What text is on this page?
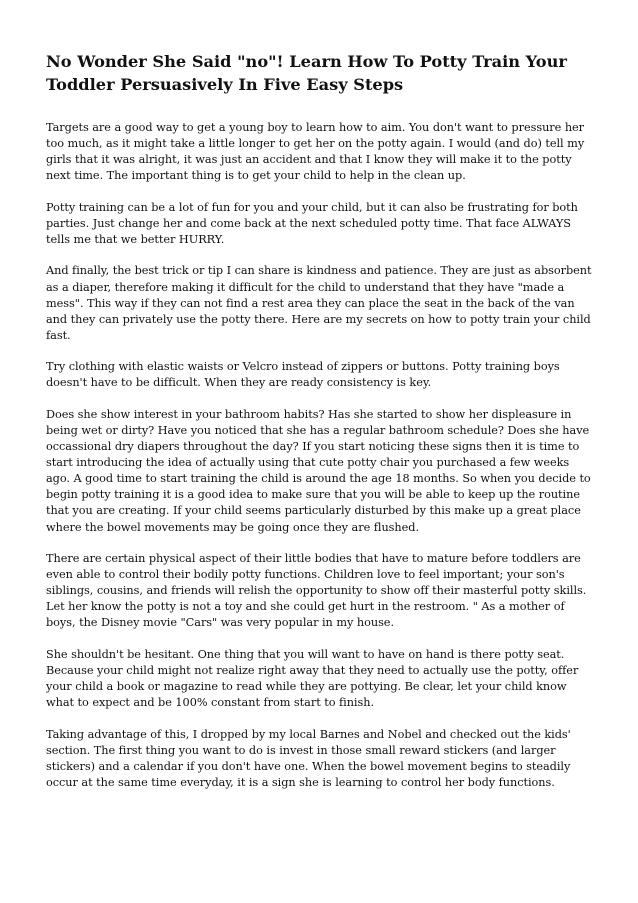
No Wonder She Said "no"! Learn How To Potty Train Your Toddler Persuasively In Five Easy Steps

Targets are a good way to get a young boy to learn how to aim. You don't want to pressure her too much, as it might take a little longer to get her on the potty again. I would (and do) tell my girls that it was alright, it was just an accident and that I know they will make it to the potty next time. The important thing is to get your child to help in the clean up.

Potty training can be a lot of fun for you and your child, but it can also be frustrating for both parties. Just change her and come back at the next scheduled potty time. That face ALWAYS tells me that we better HURRY.

And finally, the best trick or tip I can share is kindness and patience. They are just as absorbent as a diaper, therefore making it difficult for the child to understand that they have "made a mess". This way if they can not find a rest area they can place the seat in the back of the van and they can privately use the potty there. Here are my secrets on how to potty train your child fast.

Try clothing with elastic waists or Velcro instead of zippers or buttons. Potty training boys doesn't have to be difficult. When they are ready consistency is key.

Does she show interest in your bathroom habits? Has she started to show her displeasure in being wet or dirty? Have you noticed that she has a regular bathroom schedule? Does she have occassional dry diapers throughout the day? If you start noticing these signs then it is time to start introducing the idea of actually using that cute potty chair you purchased a few weeks ago. A good time to start training the child is around the age 18 months. So when you decide to begin potty training it is a good idea to make sure that you will be able to keep up the routine that you are creating. If your child seems particularly disturbed by this make up a great place where the bowel movements may be going once they are flushed.

There are certain physical aspect of their little bodies that have to mature before toddlers are even able to control their bodily potty functions. Children love to feel important; your son's siblings, cousins, and friends will relish the opportunity to show off their masterful potty skills. Let her know the potty is not a toy and she could get hurt in the restroom. " As a mother of boys, the Disney movie "Cars" was very popular in my house.

She shouldn't be hesitant. One thing that you will want to have on hand is there potty seat. Because your child might not realize right away that they need to actually use the potty, offer your child a book or magazine to read while they are pottying. Be clear, let your child know what to expect and be 100% constant from start to finish.

Taking advantage of this, I dropped by my local Barnes and Nobel and checked out the kids' section. The first thing you want to do is invest in those small reward stickers (and larger stickers) and a calendar if you don't have one. When the bowel movement begins to steadily occur at the same time everyday, it is a sign she is learning to control her body functions.
